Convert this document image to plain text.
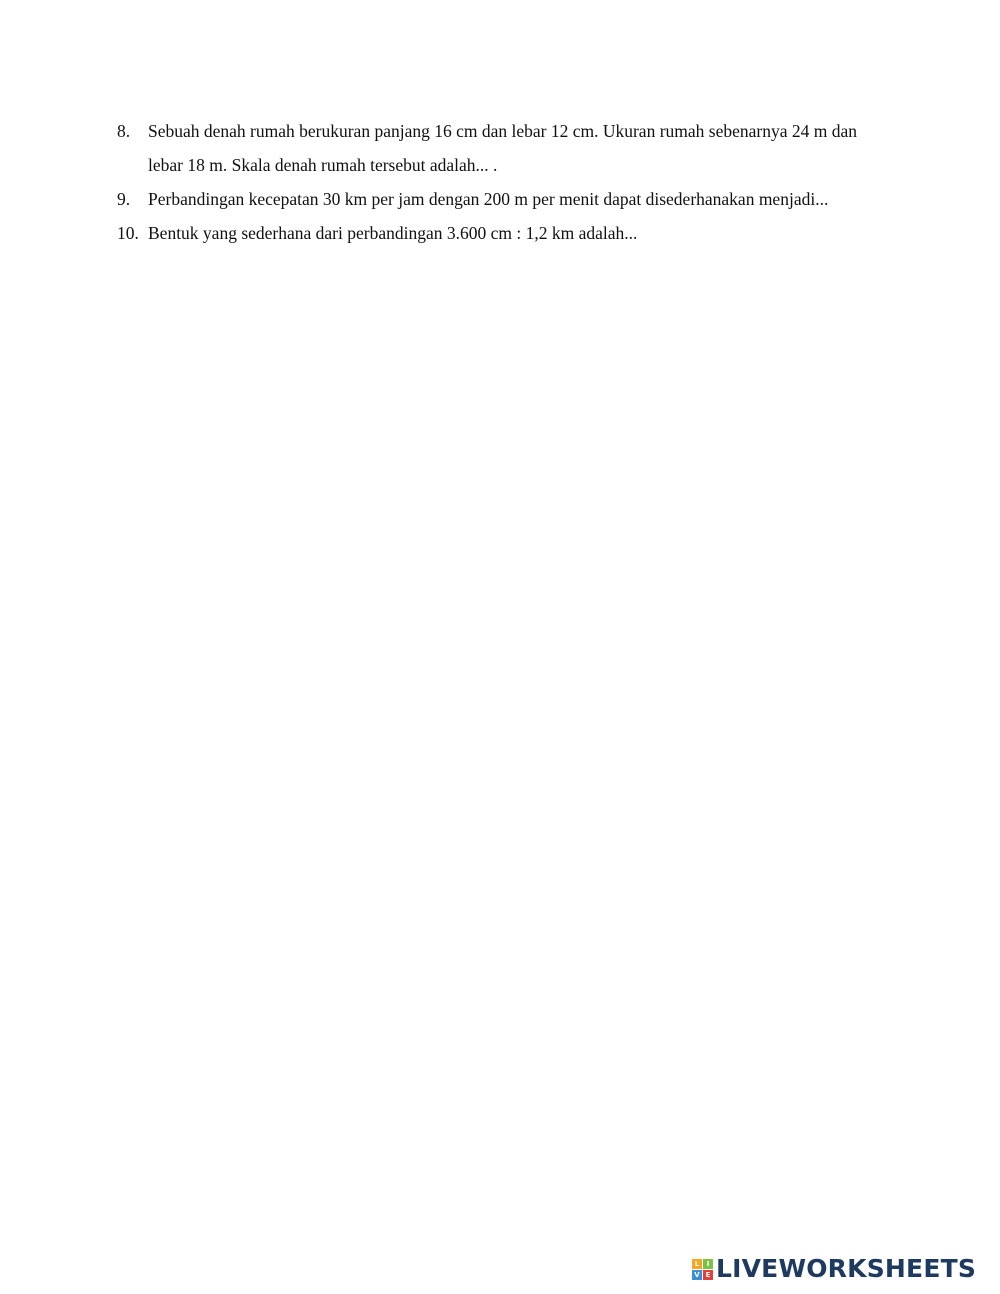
8. Sebuah denah rumah berukuran panjang 16 cm dan lebar 12 cm. Ukuran rumah sebenarnya 24 m dan lebar 18 m. Skala denah rumah tersebut adalah... .
9. Perbandingan kecepatan 30 km per jam dengan 200 m per menit dapat disederhanakan menjadi...
10. Bentuk yang sederhana dari perbandingan 3.600 cm : 1,2 km adalah...
L	I
V E LIVEWORKSHEETS
